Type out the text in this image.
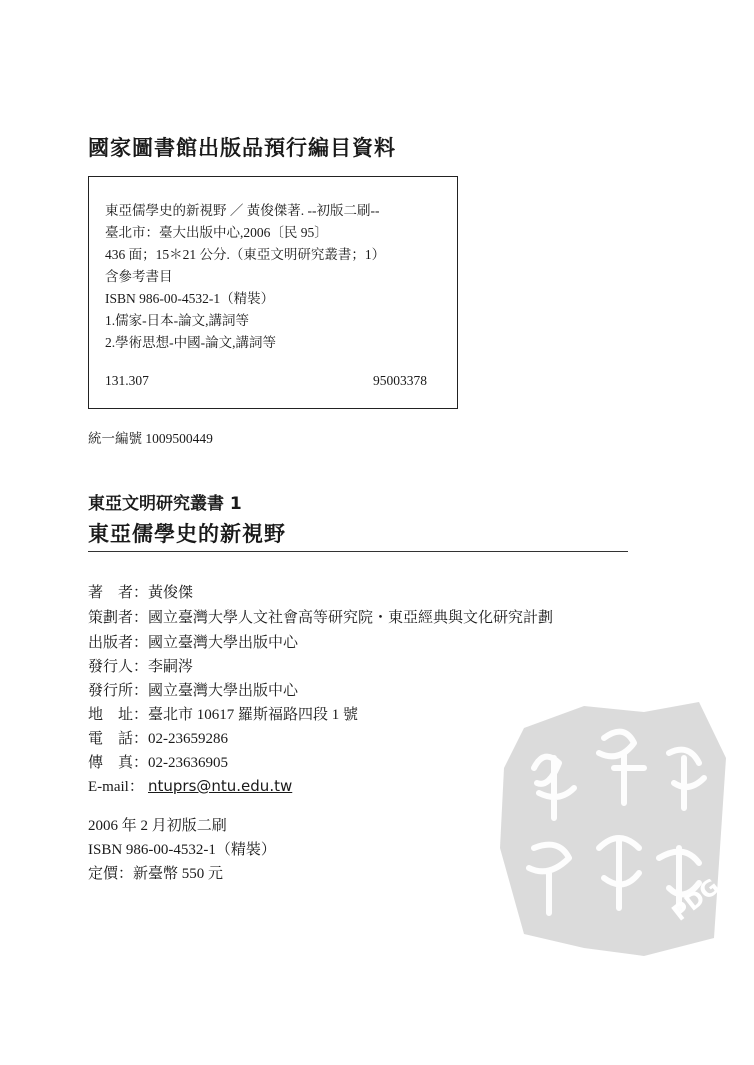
國家圖書館出版品預行編目資料
東亞儒學史的新視野 ／ 黃俊傑著. --初版二刷--
臺北市：臺大出版中心,2006〔民 95〕
436 面；15＊21 公分.（東亞文明研究叢書；1）
含參考書目
ISBN 986-00-4532-1（精裝）
1.儒家-日本-論文,講詞等
2.學術思想-中國-論文,講詞等
131.307	95003378
統一編號 1009500449
東亞文明研究叢書 1
東亞儒學史的新視野
著　者：黃俊傑
策劃者：國立臺灣大學人文社會高等研究院・東亞經典與文化研究計劃
出版者：國立臺灣大學出版中心
發行人：李嗣涔
發行所：國立臺灣大學出版中心
地　址：臺北市 10617 羅斯福路四段 1 號
電　話：02-23659286
傳　真：02-23636905
E-mail： ntuprs@ntu.edu.tw
2006 年 2 月初版二刷
ISBN 986-00-4532-1（精裝）
定價：新臺幣 550 元
PDG
